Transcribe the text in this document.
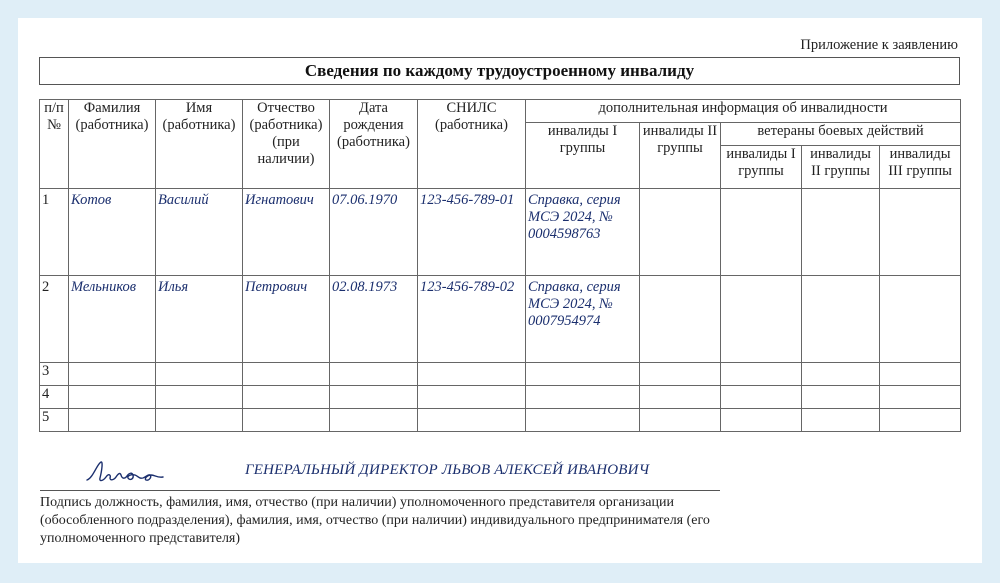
Приложение к заявлению
Сведения по каждому трудоустроенному инвалиду
п/п №	Фамилия (работника)	Имя (работника)	Отчество (работника) (при наличии)	Дата рождения (работника)	СНИЛС (работника)	дополнительная информация об инвалидности				
						инвалиды I группы	инвалиды II группы	ветераны боевых действий		
								инвалиды I группы	инвалиды II группы	инвалиды III группы
1	Котов	Василий	Игнатович	07.06.1970	123-456-789-01	Справка, серия МСЭ 2024, № 0004598763				
2	Мельников	Илья	Петрович	02.08.1973	123-456-789-02	Справка, серия МСЭ 2024, № 0007954974				
3										
4										
5										
ГЕНЕРАЛЬНЫЙ ДИРЕКТОР ЛЬВОВ АЛЕКСЕЙ ИВАНОВИЧ
Подпись должность, фамилия, имя, отчество (при наличии) уполномоченного представителя организации (обособленного подразделения), фамилия, имя, отчество (при наличии) индивидуального предпринимателя (его уполномоченного представителя)
